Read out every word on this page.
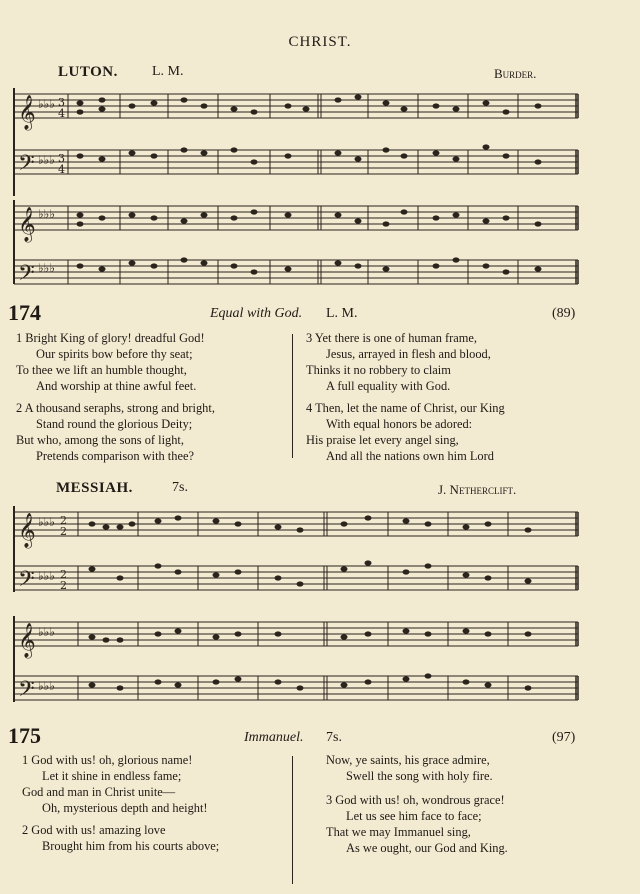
CHRIST.
LUTON. L. M.	Burder.
𝄞
𝄢
𝄞
𝄢
♭♭♭
♭♭♭
♭♭♭
♭♭♭
3
4
3
4
174	Equal with God. L. M.	(89)
1 Bright King of glory! dreadful God!
Our spirits bow before thy seat;
To thee we lift an humble thought,
And worship at thine awful feet.
2 A thousand seraphs, strong and bright,
Stand round the glorious Deity;
But who, among the sons of light,
Pretends comparison with thee?
3 Yet there is one of human frame,
Jesus, arrayed in flesh and blood,
Thinks it no robbery to claim
A full equality with God.
4 Then, let the name of Christ, our King
With equal honors be adored:
His praise let every angel sing,
And all the nations own him Lord
MESSIAH.	7s.	J. Netherclift.
𝄞
𝄢
𝄞
𝄢
♭♭♭
♭♭♭
♭♭♭
♭♭♭
2
2
2
2
175	Immanuel. 7s.	(97)
1 God with us! oh, glorious name!
Let it shine in endless fame;
God and man in Christ unite—
Oh, mysterious depth and height!
2 God with us! amazing love
Brought him from his courts above;
Now, ye saints, his grace admire,
Swell the song with holy fire.
3 God with us! oh, wondrous grace!
Let us see him face to face;
That we may Immanuel sing,
As we ought, our God and King.
